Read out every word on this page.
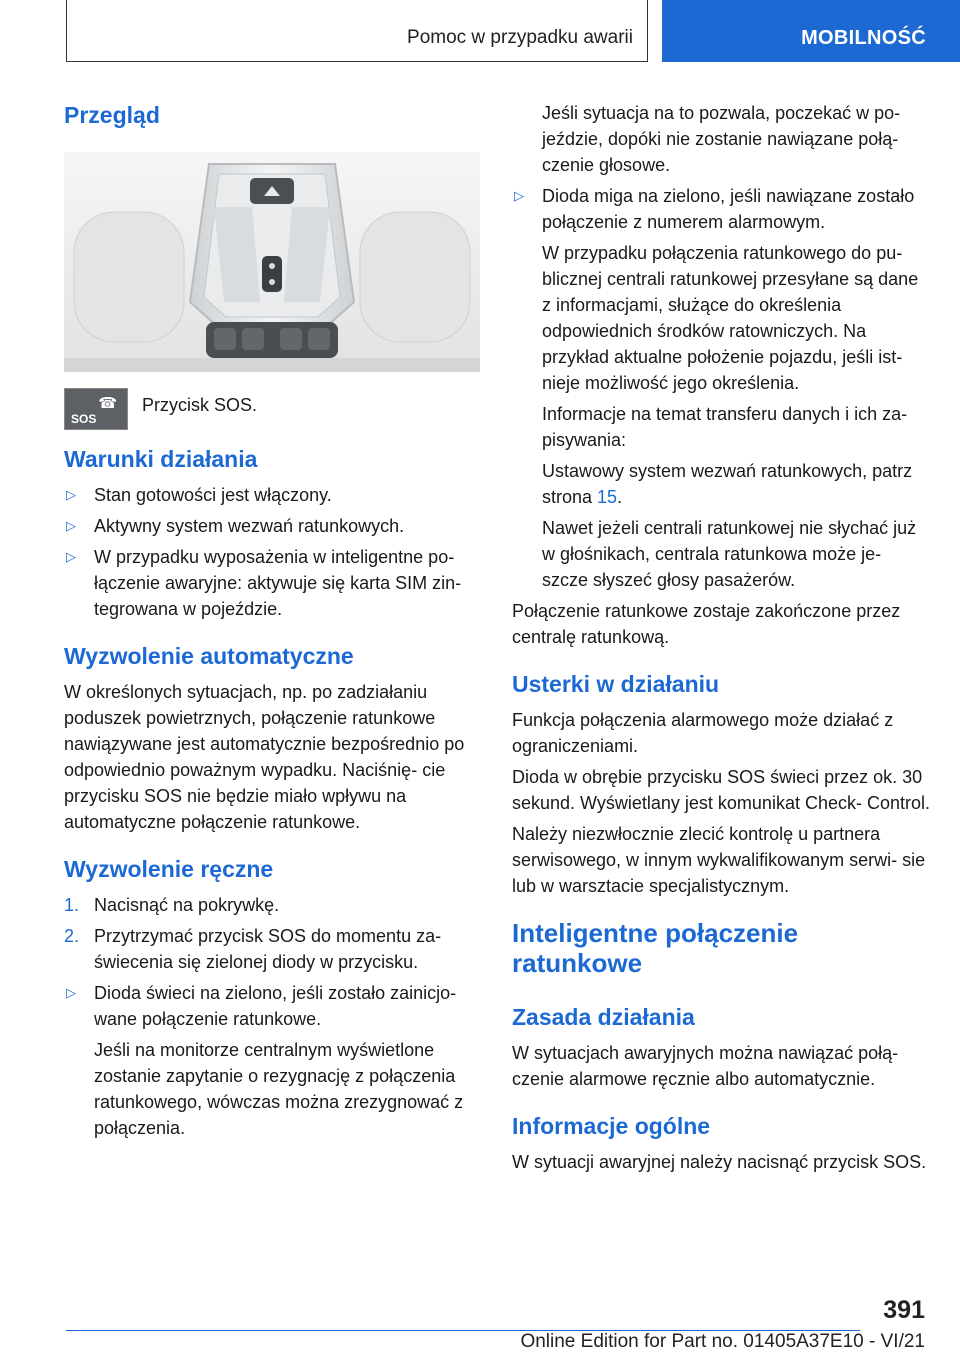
Pomoc w przypadku awarii	MOBILNOŚĆ
Przegląd
SOS
☎ Przycisk SOS.
Warunki działania
▷ Stan gotowości jest włączony.
▷ Aktywny system wezwań ratunkowych.
▷ W przypadku wyposażenia w inteligentne po- łączenie awaryjne: aktywuje się karta SIM zin- tegrowana w pojeździe.
Wyzwolenie automatyczne

W określonych sytuacjach, np. po zadziałaniu poduszek powietrznych, połączenie ratunkowe nawiązywane jest automatycznie bezpośrednio po odpowiednio poważnym wypadku. Naciśnię- cie przycisku SOS nie będzie miało wpływu na automatyczne połączenie ratunkowe.

Wyzwolenie ręczne
1. Nacisnąć na pokrywkę.
2. Przytrzymać przycisk SOS do momentu za- świecenia się zielonej diody w przycisku.
▷ Dioda świeci na zielono, jeśli zostało zainicjo- wane połączenie ratunkowe.

Jeśli na monitorze centralnym wyświetlone zostanie zapytanie o rezygnację z połączenia ratunkowego, wówczas można zrezygnować z połączenia.

Jeśli sytuacja na to pozwala, poczekać w po- jeździe, dopóki nie zostanie nawiązane połą- czenie głosowe.

▷ Dioda miga na zielono, jeśli nawiązane zostało połączenie z numerem alarmowym.

W przypadku połączenia ratunkowego do pu- blicznej centrali ratunkowej przesyłane są dane z informacjami, służące do określenia odpowiednich środków ratowniczych. Na przykład aktualne położenie pojazdu, jeśli ist- nieje możliwość jego określenia.

Informacje na temat transferu danych i ich za- pisywania:

Ustawowy system wezwań ratunkowych, patrz strona 15.

Nawet jeżeli centrali ratunkowej nie słychać już w głośnikach, centrala ratunkowa może je- szcze słyszeć głosy pasażerów.

Połączenie ratunkowe zostaje zakończone przez centralę ratunkową.

Usterki w działaniu

Funkcja połączenia alarmowego może działać z ograniczeniami.

Dioda w obrębie przycisku SOS świeci przez ok. 30 sekund. Wyświetlany jest komunikat Check- Control.

Należy niezwłocznie zlecić kontrolę u partnera serwisowego, w innym wykwalifikowanym serwi- sie lub w warsztacie specjalistycznym.

Inteligentne połączenie ratunkowe
Zasada działania

W sytuacjach awaryjnych można nawiązać połą- czenie alarmowe ręcznie albo automatycznie.

Informacje ogólne

W sytuacji awaryjnej należy nacisnąć przycisk SOS.

391
Online Edition for Part no. 01405A37E10 - VI/21
